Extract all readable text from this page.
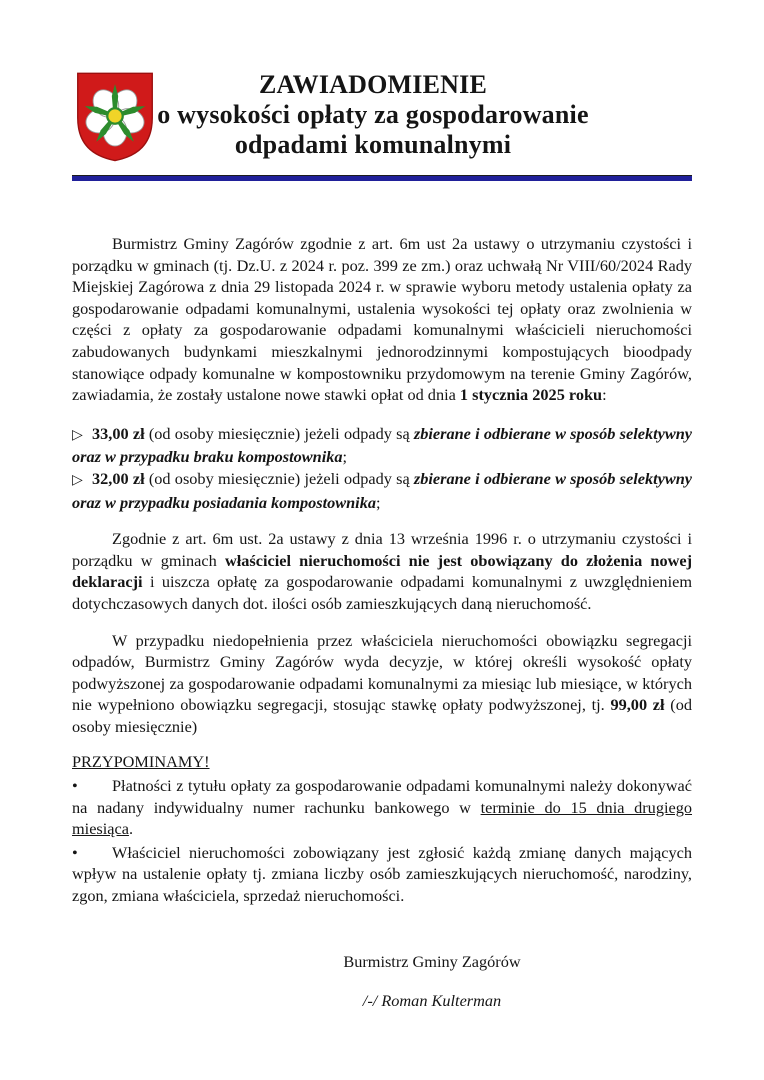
ZAWIADOMIENIE
o wysokości opłaty za gospodarowanie
odpadami komunalnymi

Burmistrz Gminy Zagórów zgodnie z art. 6m ust 2a ustawy o utrzymaniu czystości i porządku w gminach (tj. Dz.U. z 2024 r. poz. 399 ze zm.) oraz uchwałą Nr VIII/60/2024 Rady Miejskiej Zagórowa z dnia 29 listopada 2024 r. w sprawie wyboru metody ustalenia opłaty za gospodarowanie odpadami komunalnymi, ustalenia wysokości tej opłaty oraz zwolnienia w części z opłaty za gospodarowanie odpadami komunalnymi właścicieli nieruchomości zabudowanych budynkami mieszkalnymi jednorodzinnymi kompostujących bioodpady stanowiące odpady komunalne w kompostowniku przydomowym na terenie Gminy Zagórów, zawiadamia, że zostały ustalone nowe stawki opłat od dnia 1 stycznia 2025 roku:

▷ 33,00 zł (od osoby miesięcznie) jeżeli odpady są zbierane i odbierane w sposób selektywny oraz w przypadku braku kompostownika;

▷ 32,00 zł (od osoby miesięcznie) jeżeli odpady są zbierane i odbierane w sposób selektywny oraz w przypadku posiadania kompostownika;

Zgodnie z art. 6m ust. 2a ustawy z dnia 13 września 1996 r. o utrzymaniu czystości i porządku w gminach właściciel nieruchomości nie jest obowiązany do złożenia nowej deklaracji i uiszcza opłatę za gospodarowanie odpadami komunalnymi z uwzględnieniem dotychczasowych danych dot. ilości osób zamieszkujących daną nieruchomość.

W przypadku niedopełnienia przez właściciela nieruchomości obowiązku segregacji odpadów, Burmistrz Gminy Zagórów wyda decyzje, w której określi wysokość opłaty podwyższonej za gospodarowanie odpadami komunalnymi za miesiąc lub miesiące, w których nie wypełniono obowiązku segregacji, stosując stawkę opłaty podwyższonej, tj. 99,00 zł (od osoby miesięcznie)

PRZYPOMINAMY!

• Płatności z tytułu opłaty za gospodarowanie odpadami komunalnymi należy dokonywać na nadany indywidualny numer rachunku bankowego w terminie do 15 dnia drugiego miesiąca.

• Właściciel nieruchomości zobowiązany jest zgłosić każdą zmianę danych mających wpływ na ustalenie opłaty tj. zmiana liczby osób zamieszkujących nieruchomość, narodziny, zgon, zmiana właściciela, sprzedaż nieruchomości.

Burmistrz Gminy Zagórów
/-/ Roman Kulterman
